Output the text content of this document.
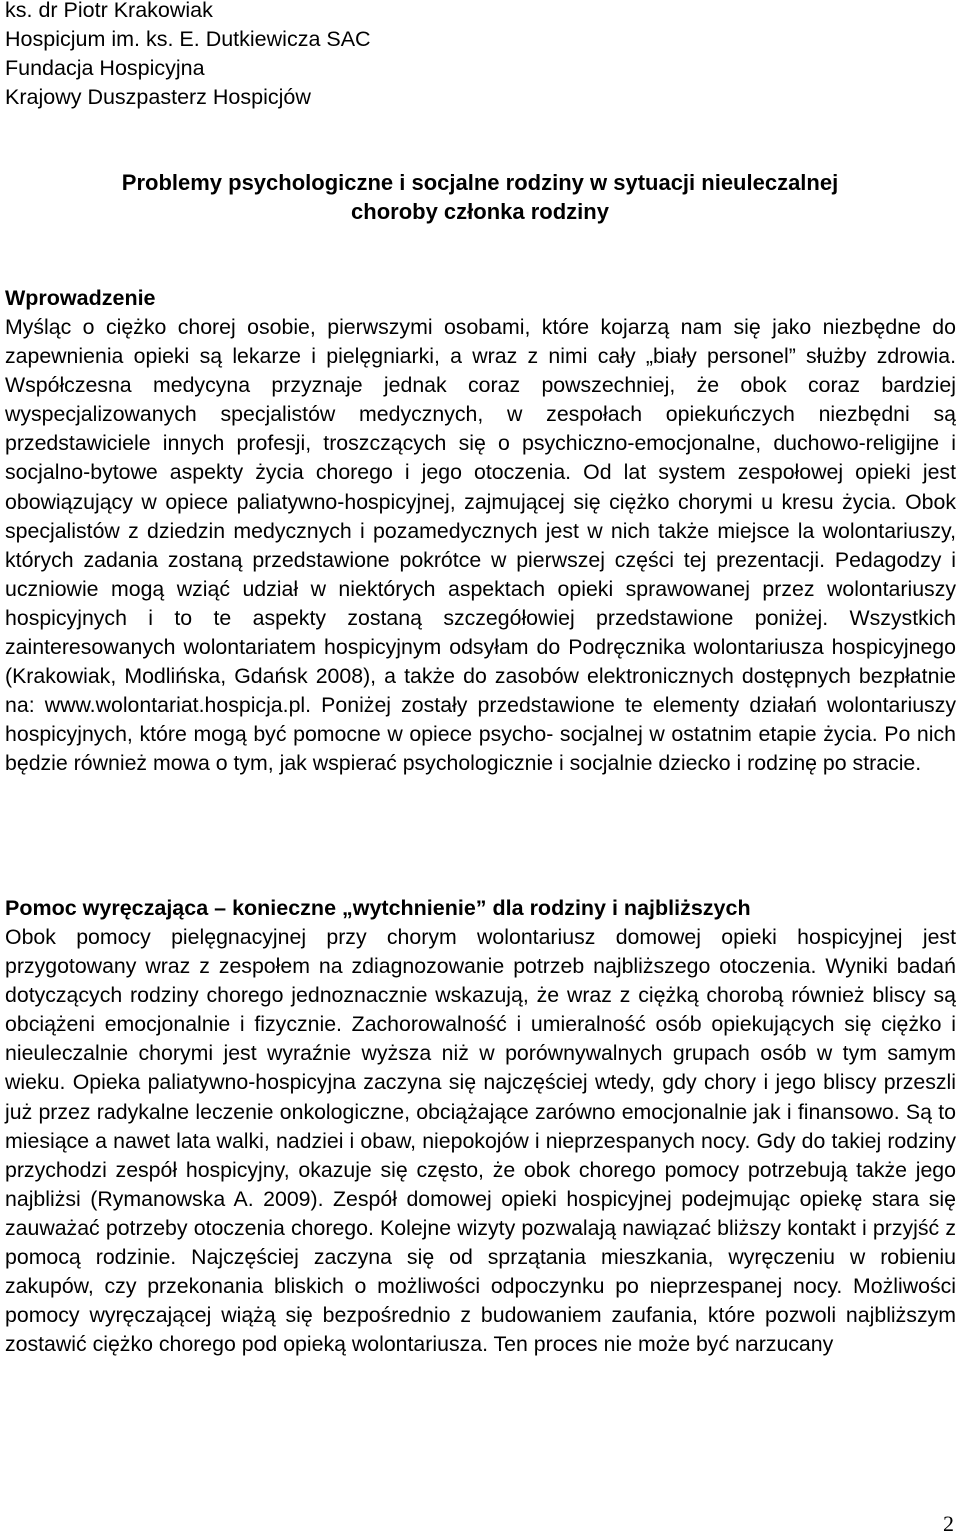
ks. dr Piotr Krakowiak
Hospicjum im. ks. E. Dutkiewicza SAC
Fundacja Hospicyjna
Krajowy Duszpasterz Hospicjów
Problemy psychologiczne i socjalne rodziny w sytuacji nieuleczalnej
choroby członka rodziny
Wprowadzenie
Myśląc o ciężko chorej osobie, pierwszymi osobami, które kojarzą nam się jako niezbędne do zapewnienia opieki są lekarze i pielęgniarki, a wraz z nimi cały „biały personel” służby zdrowia. Współczesna medycyna przyznaje jednak coraz powszechniej, że obok coraz bardziej wyspecjalizowanych specjalistów medycznych, w zespołach opiekuńczych niezbędni są przedstawiciele innych profesji, troszczących się o psychiczno-emocjonalne, duchowo-religijne i socjalno-bytowe aspekty życia chorego i jego otoczenia. Od lat system zespołowej opieki jest obowiązujący w opiece paliatywno-hospicyjnej, zajmującej się ciężko chorymi u kresu życia. Obok specjalistów z dziedzin medycznych i pozamedycznych jest w nich także miejsce la wolontariuszy, których zadania zostaną przedstawione pokrótce w pierwszej części tej prezentacji. Pedagodzy i uczniowie mogą wziąć udział w niektórych aspektach opieki sprawowanej przez wolontariuszy hospicyjnych i to te aspekty zostaną szczegółowiej przedstawione poniżej. Wszystkich zainteresowanych wolontariatem hospicyjnym odsyłam do Podręcznika wolontariusza hospicyjnego (Krakowiak, Modlińska, Gdańsk 2008), a także do zasobów elektronicznych dostępnych bezpłatnie na: www.wolontariat.hospicja.pl. Poniżej zostały przedstawione te elementy działań wolontariuszy hospicyjnych, które mogą być pomocne w opiece psycho- socjalnej w ostatnim etapie życia. Po nich będzie również mowa o tym, jak wspierać psychologicznie i socjalnie dziecko i rodzinę po stracie.
Pomoc wyręczająca – konieczne „wytchnienie” dla rodziny i najbliższych
Obok pomocy pielęgnacyjnej przy chorym wolontariusz domowej opieki hospicyjnej jest przygotowany wraz z zespołem na zdiagnozowanie potrzeb najbliższego otoczenia. Wyniki badań dotyczących rodziny chorego jednoznacznie wskazują, że wraz z ciężką chorobą również bliscy są obciążeni emocjonalnie i fizycznie. Zachorowalność i umieralność osób opiekujących się ciężko i nieuleczalnie chorymi jest wyraźnie wyższa niż w porównywalnych grupach osób w tym samym wieku. Opieka paliatywno-hospicyjna zaczyna się najczęściej wtedy, gdy chory i jego bliscy przeszli już przez radykalne leczenie onkologiczne, obciążające zarówno emocjonalnie jak i finansowo. Są to miesiące a nawet lata walki, nadziei i obaw, niepokojów i nieprzespanych nocy. Gdy do takiej rodziny przychodzi zespół hospicyjny, okazuje się często, że obok chorego pomocy potrzebują także jego najbliżsi (Rymanowska A. 2009). Zespół domowej opieki hospicyjnej podejmując opiekę stara się zauważać potrzeby otoczenia chorego. Kolejne wizyty pozwalają nawiązać bliższy kontakt i przyjść z pomocą rodzinie. Najczęściej zaczyna się od sprzątania mieszkania, wyręczeniu w robieniu zakupów, czy przekonania bliskich o możliwości odpoczynku po nieprzespanej nocy. Możliwości pomocy wyręczającej wiążą się bezpośrednio z budowaniem zaufania, które pozwoli najbliższym zostawić ciężko chorego pod opieką wolontariusza. Ten proces nie może być narzucany
2
